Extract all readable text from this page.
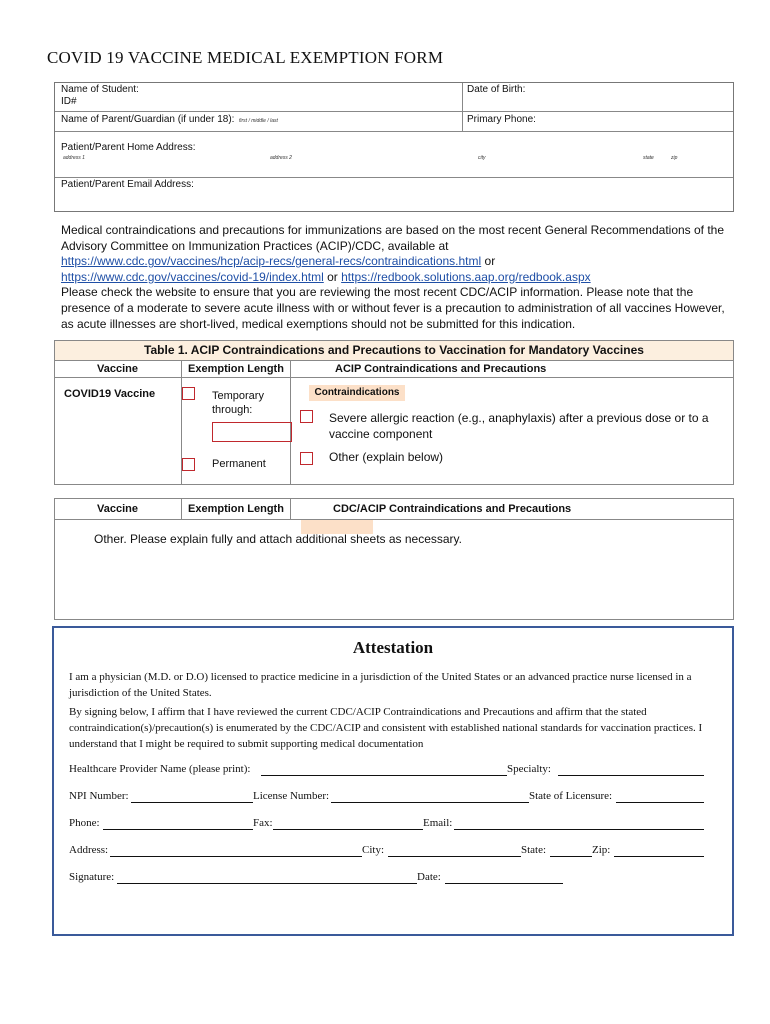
COVID 19 VACCINE MEDICAL EXEMPTION FORM
Name of Student:
ID#
Date of Birth:
Name of Parent/Guardian (if under 18): first / middle / last	Primary Phone:
Patient/Parent Home Address:
address 1	address 2	city	state	zip
Patient/Parent Email Address:
Medical contraindications and precautions for immunizations are based on the most recent General Recommendations of the Advisory Committee on Immunization Practices (ACIP)/CDC, available at
https://www.cdc.gov/vaccines/hcp/acip-recs/general-recs/contraindications.html or
https://www.cdc.gov/vaccines/covid-19/index.html or https://redbook.solutions.aap.org/redbook.aspx
Please check the website to ensure that you are reviewing the most recent CDC/ACIP information. Please note that the presence of a moderate to severe acute illness with or without fever is a precaution to administration of all vaccines However, as acute illnesses are short-lived, medical exemptions should not be submitted for this indication.
Table 1. ACIP Contraindications and Precautions to Vaccination for Mandatory Vaccines
Vaccine	Exemption Length	ACIP Contraindications and Precautions
COVID19 Vaccine	Temporary through:
Permanent
Contraindications
Severe allergic reaction (e.g., anaphylaxis) after a previous dose or to a vaccine component
Other (explain below)
Vaccine	Exemption Length	CDC/ACIP Contraindications and Precautions
Other. Please explain fully and attach additional sheets as necessary.
Attestation
I am a physician (M.D. or D.O) licensed to practice medicine in a jurisdiction of the United States or an advanced practice nurse licensed in a jurisdiction of the United States.
By signing below, I affirm that I have reviewed the current CDC/ACIP Contraindications and Precautions and affirm that the stated contraindication(s)/precaution(s) is enumerated by the CDC/ACIP and consistent with established national standards for vaccination practices. I understand that I might be required to submit supporting medical documentation
Healthcare Provider Name (please print):	Specialty:
NPI Number:	License Number:	State of Licensure:
Phone:	Fax:	Email:
Address:	City:	State:	Zip:
Signature:	Date:
